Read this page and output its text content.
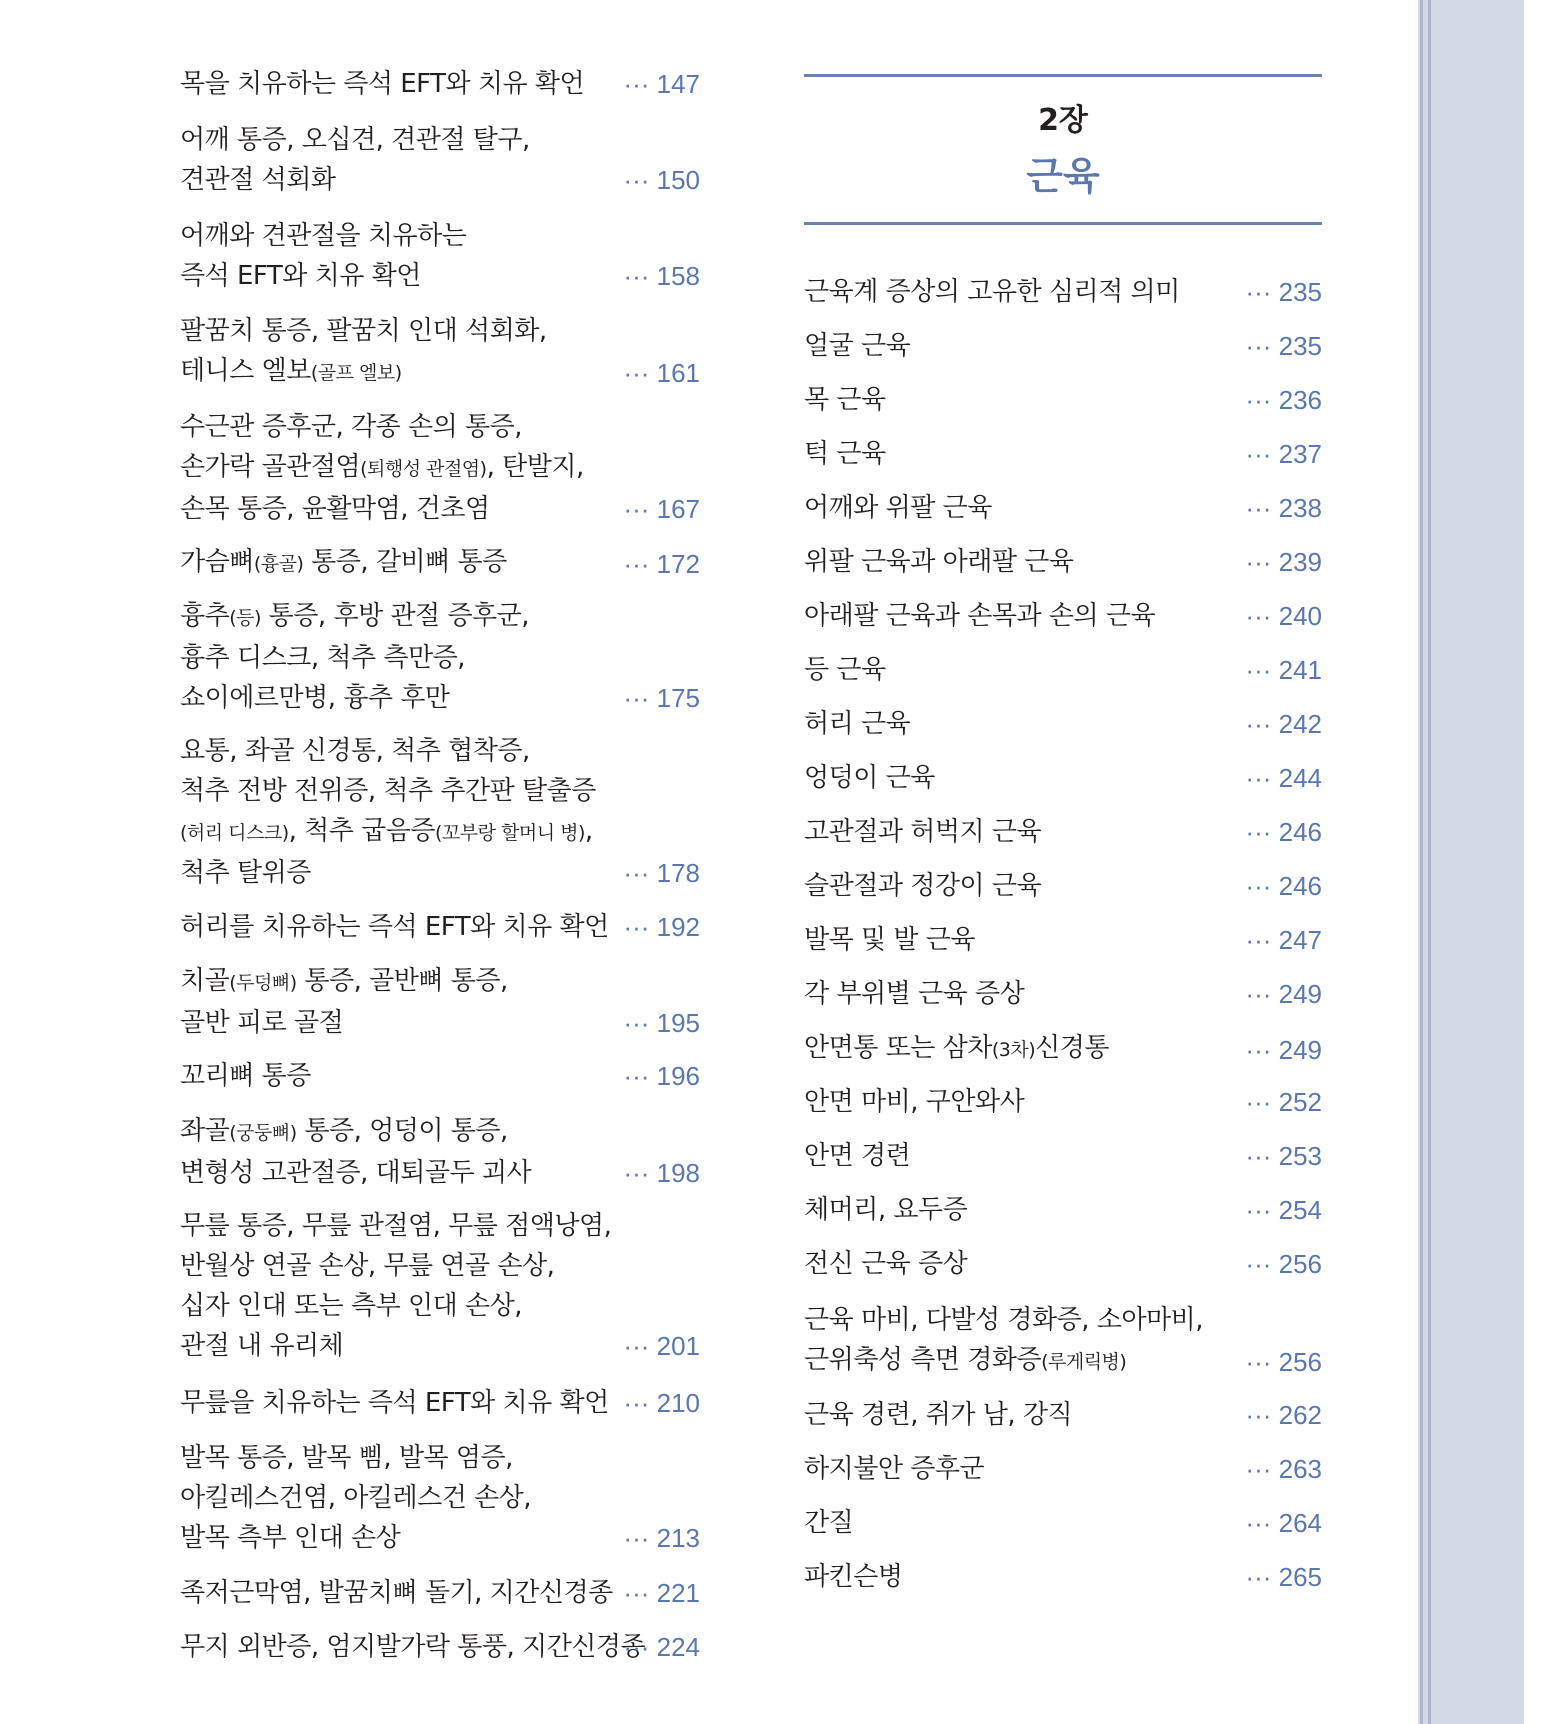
목을 치유하는 즉석 EFT와 치유 확언	··· 147
어깨 통증, 오십견, 견관절 탈구,
견관절 석회화	··· 150
어깨와 견관절을 치유하는
즉석 EFT와 치유 확언	··· 158
팔꿈치 통증, 팔꿈치 인대 석회화,
테니스 엘보(골프 엘보)	··· 161
수근관 증후군, 각종 손의 통증,
손가락 골관절염(퇴행성 관절염), 탄발지,
손목 통증, 윤활막염, 건초염	··· 167
가슴뼈(흉골) 통증, 갈비뼈 통증	··· 172
흉추(등) 통증, 후방 관절 증후군,
흉추 디스크, 척추 측만증,
쇼이에르만병, 흉추 후만	··· 175
요통, 좌골 신경통, 척추 협착증,
척추 전방 전위증, 척추 추간판 탈출증
(허리 디스크), 척추 굽음증(꼬부랑 할머니 병),
척추 탈위증	··· 178
허리를 치유하는 즉석 EFT와 치유 확언 ··· 192
치골(두덩뼈) 통증, 골반뼈 통증,
골반 피로 골절	··· 195
꼬리뼈 통증	··· 196
좌골(궁둥뼈) 통증, 엉덩이 통증,
변형성 고관절증, 대퇴골두 괴사	··· 198
무릎 통증, 무릎 관절염, 무릎 점액낭염,
반월상 연골 손상, 무릎 연골 손상,
십자 인대 또는 측부 인대 손상,
관절 내 유리체	··· 201
무릎을 치유하는 즉석 EFT와 치유 확언 ··· 210
발목 통증, 발목 삠, 발목 염증,
아킬레스건염, 아킬레스건 손상,
발목 측부 인대 손상	··· 213
족저근막염, 발꿈치뼈 돌기, 지간신경종 ··· 221
무지 외반증, 엄지발가락 통풍, 지간신경종
··· 224
2장
근육
근육계 증상의 고유한 심리적 의미	··· 235
얼굴 근육	··· 235
목 근육	··· 236
턱 근육	··· 237
어깨와 위팔 근육	··· 238
위팔 근육과 아래팔 근육	··· 239
아래팔 근육과 손목과 손의 근육	··· 240
등 근육	··· 241
허리 근육	··· 242
엉덩이 근육	··· 244
고관절과 허벅지 근육	··· 246
슬관절과 정강이 근육	··· 246
발목 및 발 근육	··· 247
각 부위별 근육 증상	··· 249
안면통 또는 삼차(3차)신경통	··· 249
안면 마비, 구안와사	··· 252
안면 경련	··· 253
체머리, 요두증	··· 254
전신 근육 증상	··· 256
근육 마비, 다발성 경화증, 소아마비,
근위축성 측면 경화증(루게릭병)	··· 256
근육 경련, 쥐가 남, 강직	··· 262
하지불안 증후군	··· 263
간질	··· 264
파킨슨병	··· 265
